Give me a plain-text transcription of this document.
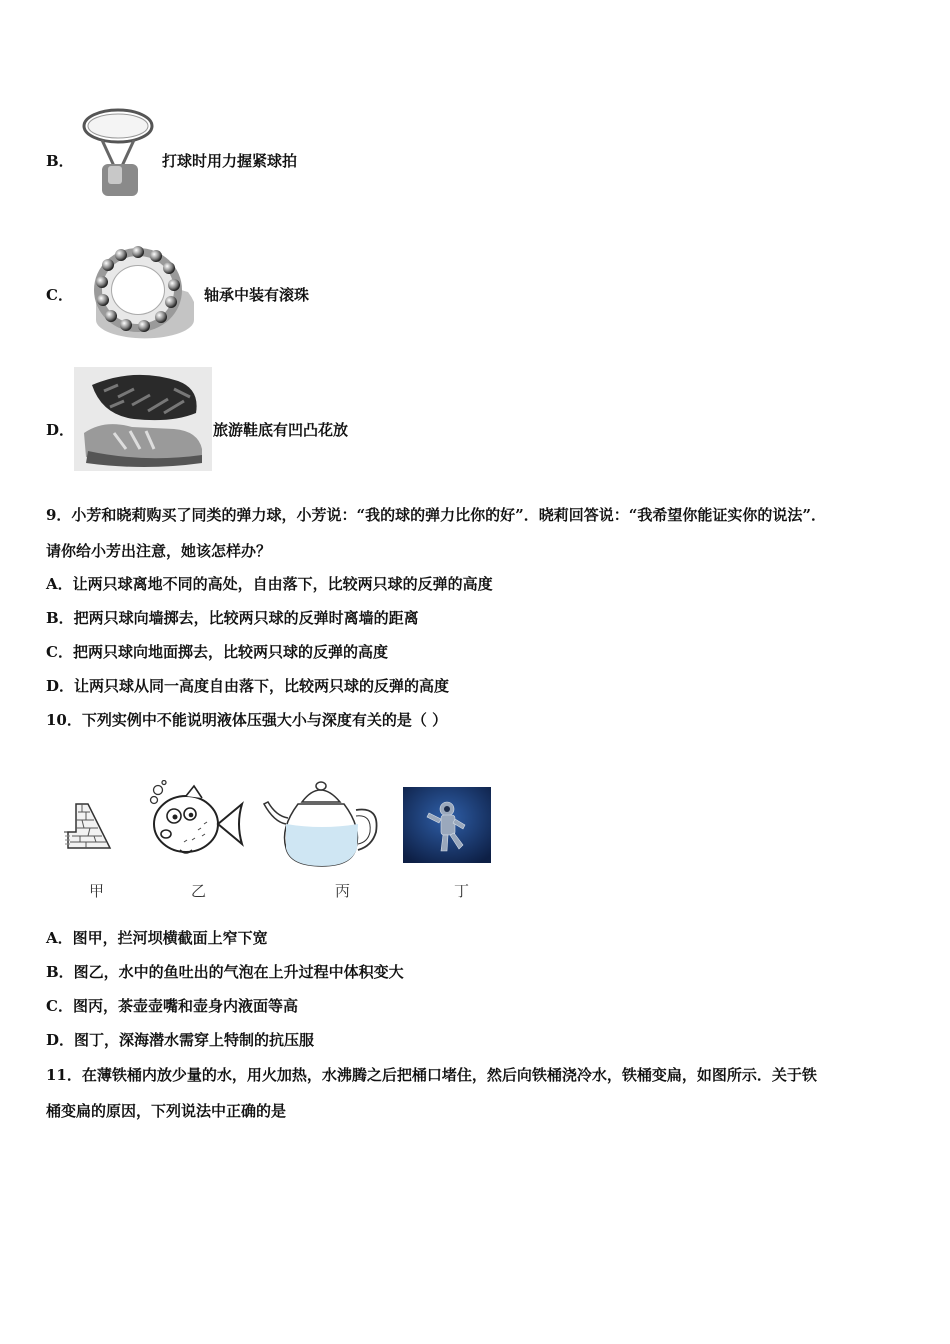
B．	打球时用力握紧球拍
C．	轴承中装有滚珠
D．	旅游鞋底有凹凸花放
9．小芳和晓莉购买了同类的弹力球，小芳说：“我的球的弹力比你的好”．晓莉回答说：“我希望你能证实你的说法”．
请你给小芳出注意，她该怎样办？
A．让两只球离地不同的高处，自由落下，比较两只球的反弹的高度
B．把两只球向墙掷去，比较两只球的反弹时离墙的距离
C．把两只球向地面掷去，比较两只球的反弹的高度
D．让两只球从同一高度自由落下，比较两只球的反弹的高度
10．下列实例中不能说明液体压强大小与深度有关的是（ ）
甲	乙	丙	丁
A．图甲，拦河坝横截面上窄下宽
B．图乙，水中的鱼吐出的气泡在上升过程中体积变大
C．图丙，茶壶壶嘴和壶身内液面等高
D．图丁，深海潜水需穿上特制的抗压服
11．在薄铁桶内放少量的水，用火加热，水沸腾之后把桶口堵住，然后向铁桶浇冷水，铁桶变扁，如图所示．关于铁
桶变扁的原因，下列说法中正确的是
